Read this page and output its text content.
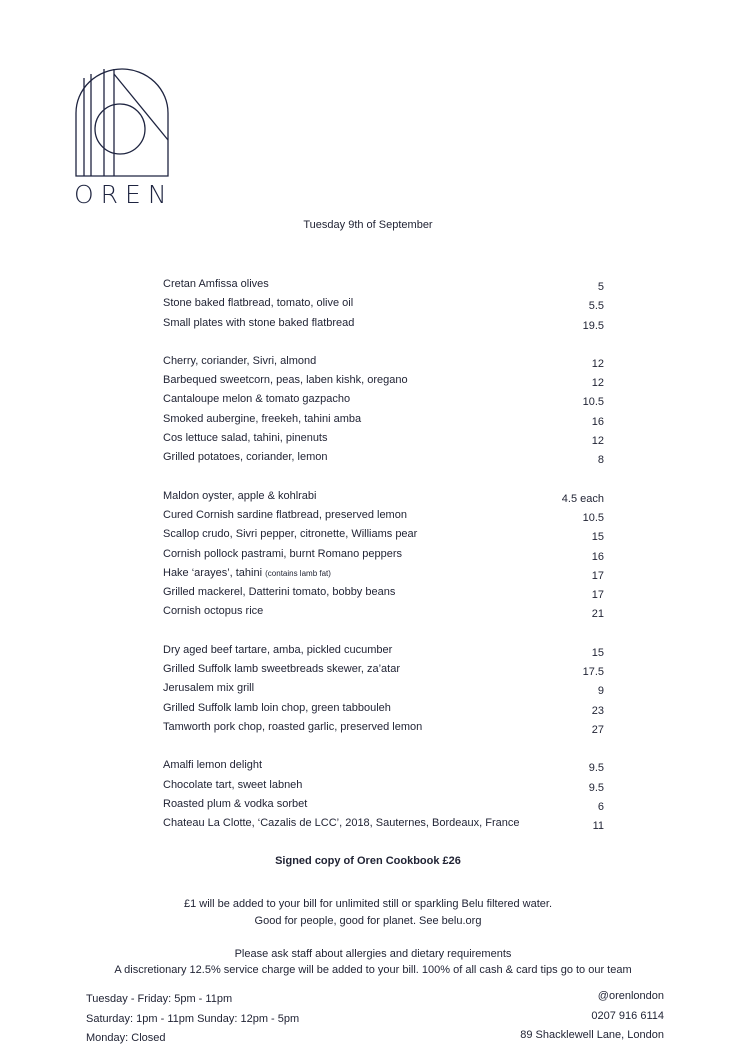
OREN
Tuesday 9th of September
Cretan Amfissa olives	5
Stone baked flatbread, tomato, olive oil	5.5
Small plates with stone baked flatbread	19.5
Cherry, coriander, Sivri, almond	12
Barbequed sweetcorn, peas, laben kishk, oregano	12
Cantaloupe melon & tomato gazpacho	10.5
Smoked aubergine, freekeh, tahini amba	16
Cos lettuce salad, tahini, pinenuts	12
Grilled potatoes, coriander, lemon	8
Maldon oyster, apple & kohlrabi	4.5 each
Cured Cornish sardine flatbread, preserved lemon	10.5
Scallop crudo, Sivri pepper, citronette, Williams pear	15
Cornish pollock pastrami, burnt Romano peppers	16
Hake ‘arayes’, tahini (contains lamb fat)	17
Grilled mackerel, Datterini tomato, bobby beans	17
Cornish octopus rice	21
Dry aged beef tartare, amba, pickled cucumber	15
Grilled Suffolk lamb sweetbreads skewer, za’atar	17.5
Jerusalem mix grill	9
Grilled Suffolk lamb loin chop, green tabbouleh	23
Tamworth pork chop, roasted garlic, preserved lemon	27
Amalfi lemon delight	9.5
Chocolate tart, sweet labneh	9.5
Roasted plum & vodka sorbet	6
Chateau La Clotte, ‘Cazalis de LCC’, 2018, Sauternes, Bordeaux, France	11
Signed copy of Oren Cookbook £26
£1 will be added to your bill for unlimited still or sparkling Belu filtered water.
Good for people, good for planet. See belu.org
Please ask staff about allergies and dietary requirements
A discretionary 12.5% service charge will be added to your bill. 100% of all cash & card tips go to our team
Tuesday - Friday: 5pm - 11pm
Saturday: 1pm - 11pm Sunday: 12pm - 5pm
Monday: Closed
@orenlondon
0207 916 6114
89 Shacklewell Lane, London
